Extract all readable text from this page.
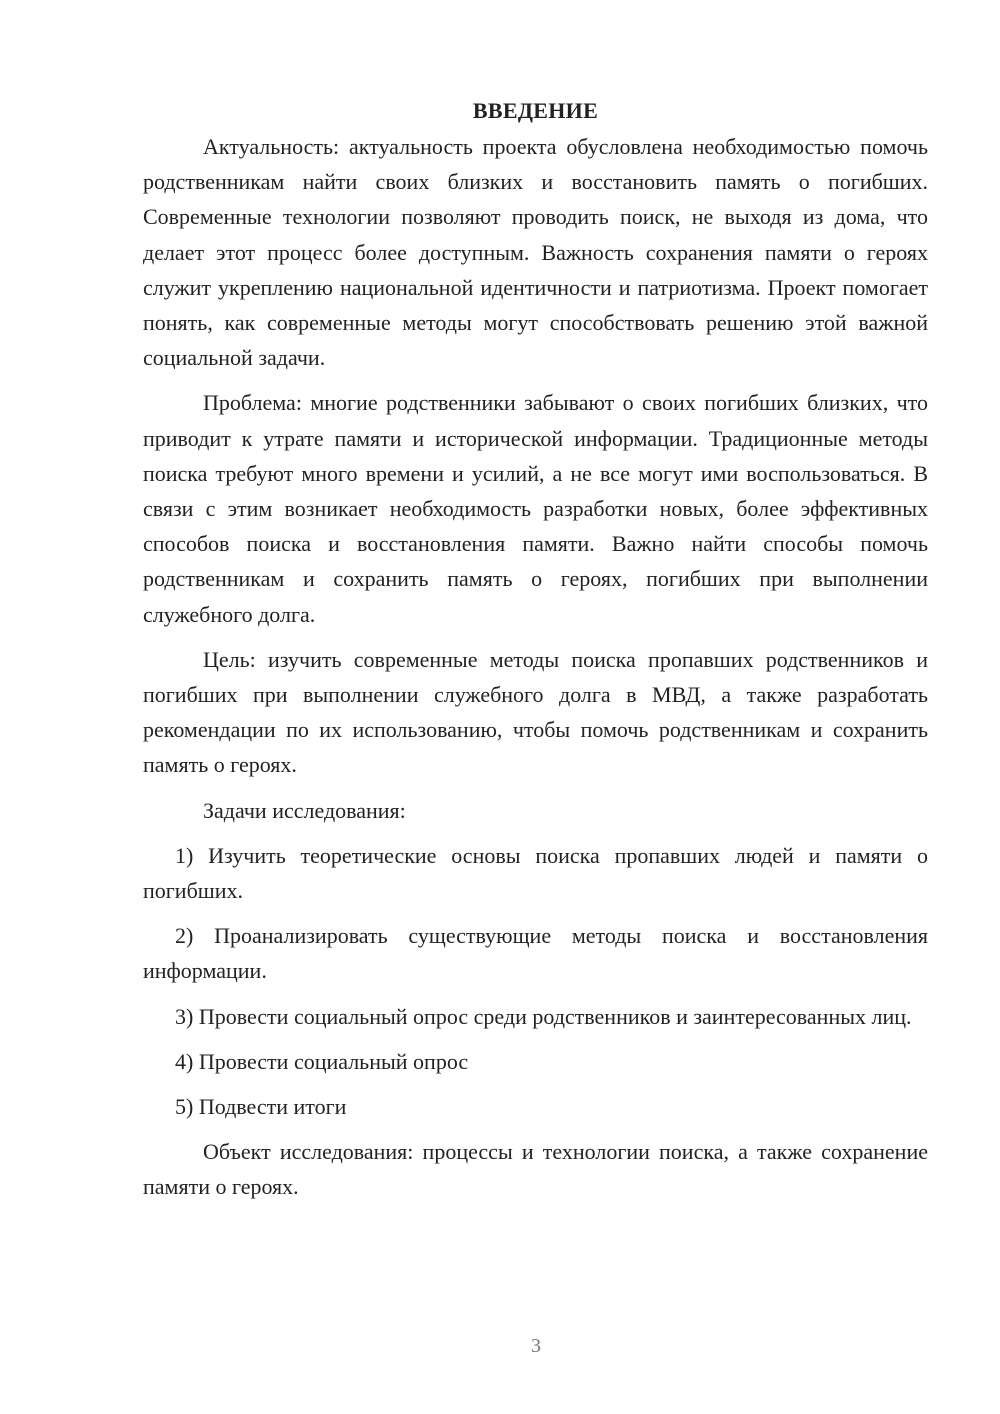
ВВЕДЕНИЕ

Актуальность: актуальность проекта обусловлена необходимостью помочь родственникам найти своих близких и восстановить память о погибших. Современные технологии позволяют проводить поиск, не выходя из дома, что делает этот процесс более доступным. Важность сохранения памяти о героях служит укреплению национальной идентичности и патриотизма. Проект помогает понять, как современные методы могут способствовать решению этой важной социальной задачи.

Проблема: многие родственники забывают о своих погибших близких, что приводит к утрате памяти и исторической информации. Традиционные методы поиска требуют много времени и усилий, а не все могут ими воспользоваться. В связи с этим возникает необходимость разработки новых, более эффективных способов поиска и восстановления памяти. Важно найти способы помочь родственникам и сохранить память о героях, погибших при выполнении служебного долга.

Цель: изучить современные методы поиска пропавших родственников и погибших при выполнении служебного долга в МВД, а также разработать рекомендации по их использованию, чтобы помочь родственникам и сохранить память о героях.

Задачи исследования:

1) Изучить теоретические основы поиска пропавших людей и памяти о погибших.

2) Проанализировать существующие методы поиска и восстановления информации.

3) Провести социальный опрос среди родственников и заинтересованных лиц.

4) Провести социальный опрос

5) Подвести итоги

Объект исследования: процессы и технологии поиска, а также сохранение памяти о героях.

3
